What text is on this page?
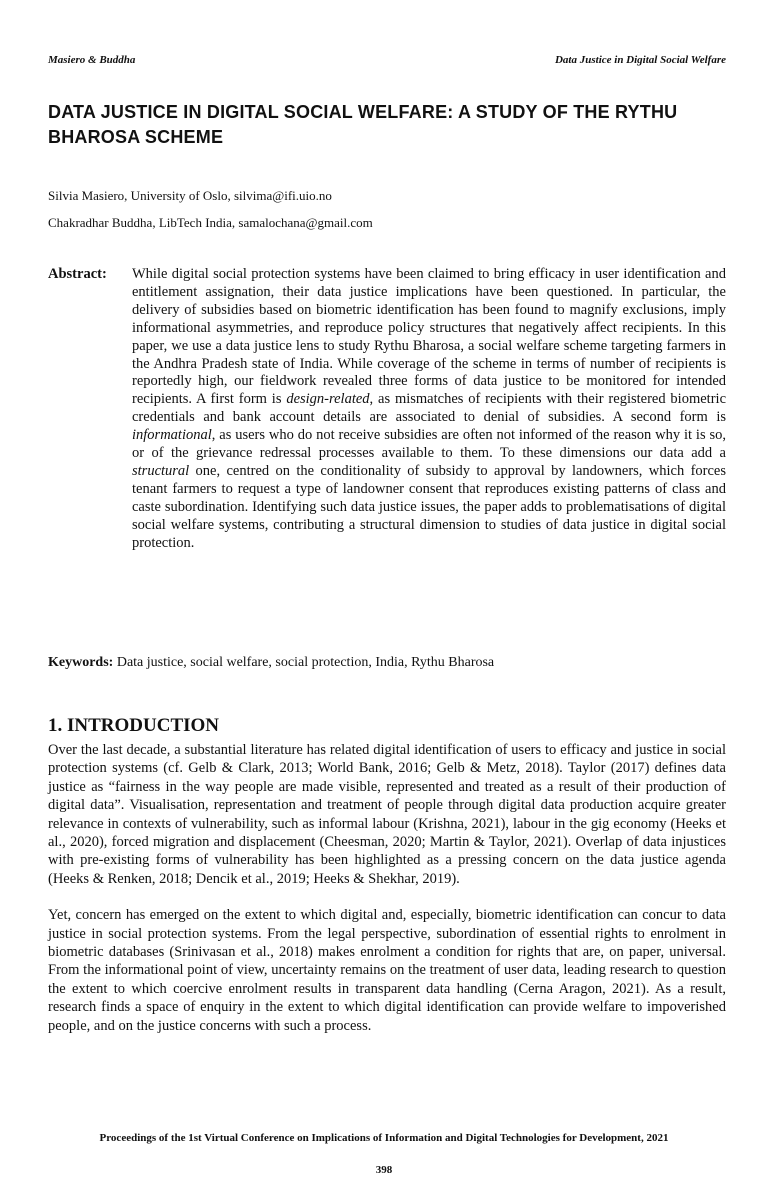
Masiero & Buddha	Data Justice in Digital Social Welfare
DATA JUSTICE IN DIGITAL SOCIAL WELFARE: A STUDY OF THE RYTHU BHAROSA SCHEME

Silvia Masiero, University of Oslo, silvima@ifi.uio.no

Chakradhar Buddha, LibTech India, samalochana@gmail.com

Abstract:	While digital social protection systems have been claimed to bring efficacy in user identification and entitlement assignation, their data justice implications have been questioned. In particular, the delivery of subsidies based on biometric identification has been found to magnify exclusions, imply informational asymmetries, and reproduce policy structures that negatively affect recipients. In this paper, we use a data justice lens to study Rythu Bharosa, a social welfare scheme targeting farmers in the Andhra Pradesh state of India. While coverage of the scheme in terms of number of recipients is reportedly high, our fieldwork revealed three forms of data justice to be monitored for intended recipients. A first form is design-related, as mismatches of recipients with their registered biometric credentials and bank account details are associated to denial of subsidies. A second form is informational, as users who do not receive subsidies are often not informed of the reason why it is so, or of the grievance redressal processes available to them. To these dimensions our data add a structural one, centred on the conditionality of subsidy to approval by landowners, which forces tenant farmers to request a type of landowner consent that reproduces existing patterns of class and caste subordination. Identifying such data justice issues, the paper adds to problematisations of digital social welfare systems, contributing a structural dimension to studies of data justice in digital social protection.

Keywords: Data justice, social welfare, social protection, India, Rythu Bharosa
1. INTRODUCTION

Over the last decade, a substantial literature has related digital identification of users to efficacy and justice in social protection systems (cf. Gelb & Clark, 2013; World Bank, 2016; Gelb & Metz, 2018). Taylor (2017) defines data justice as “fairness in the way people are made visible, represented and treated as a result of their production of digital data”. Visualisation, representation and treatment of people through digital data production acquire greater relevance in contexts of vulnerability, such as informal labour (Krishna, 2021), labour in the gig economy (Heeks et al., 2020), forced migration and displacement (Cheesman, 2020; Martin & Taylor, 2021). Overlap of data injustices with pre-existing forms of vulnerability has been highlighted as a pressing concern on the data justice agenda (Heeks & Renken, 2018; Dencik et al., 2019; Heeks & Shekhar, 2019).

Yet, concern has emerged on the extent to which digital and, especially, biometric identification can concur to data justice in social protection systems. From the legal perspective, subordination of essential rights to enrolment in biometric databases (Srinivasan et al., 2018) makes enrolment a condition for rights that are, on paper, universal. From the informational point of view, uncertainty remains on the treatment of user data, leading research to question the extent to which coercive enrolment results in transparent data handling (Cerna Aragon, 2021). As a result, research finds a space of enquiry in the extent to which digital identification can provide welfare to impoverished people, and on the justice concerns with such a process.

Proceedings of the 1st Virtual Conference on Implications of Information and Digital Technologies for Development, 2021
398
